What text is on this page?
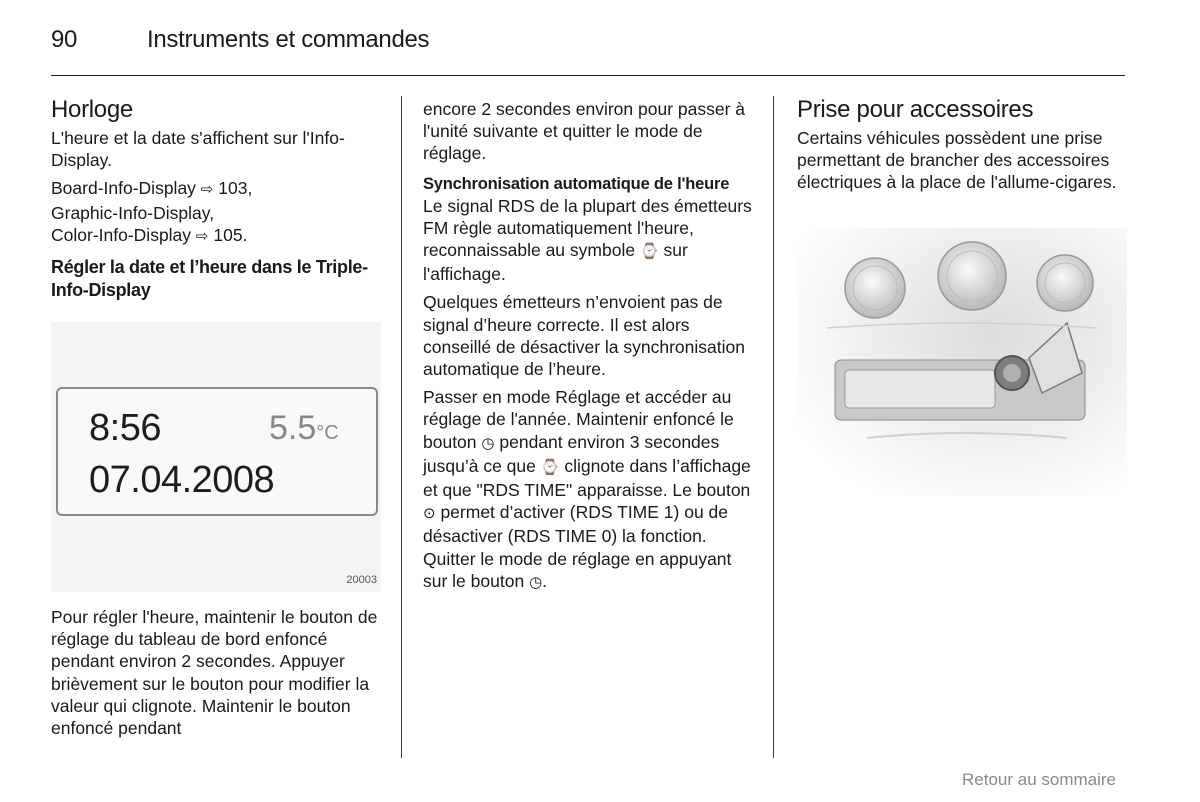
90	Instruments et commandes
Horloge

L'heure et la date s'affichent sur l'Info-Display.

Board-Info-Display ⇨ 103,
Graphic-Info-Display,
Color-Info-Display ⇨ 105.

Régler la date et l’heure dans le Triple-Info-Display
8:56	5.5°C
07.04.2008
20003

Pour régler l'heure, maintenir le bouton de réglage du tableau de bord enfoncé pendant environ 2 secondes. Appuyer brièvement sur le bouton pour modifier la valeur qui clignote. Maintenir le bouton enfoncé pendant

encore 2 secondes environ pour passer à l'unité suivante et quitter le mode de réglage.

Synchronisation automatique de l'heure

Le signal RDS de la plupart des émetteurs FM règle automatiquement l'heure, reconnaissable au symbole ⌚ sur l'affichage.

Quelques émetteurs n’envoient pas de signal d’heure correcte. Il est alors conseillé de désactiver la synchronisation automatique de l’heure.

Passer en mode Réglage et accéder au réglage de l'année. Maintenir enfoncé le bouton ◷ pendant environ 3 secondes jusqu’à ce que ⌚ clignote dans l’affichage et que "RDS TIME" apparaisse. Le bouton ⊙ permet d’activer (RDS TIME 1) ou de désactiver (RDS TIME 0) la fonction. Quitter le mode de réglage en appuyant sur le bouton ◷.

Prise pour accessoires

Certains véhicules possèdent une prise permettant de brancher des accessoires électriques à la place de l'allume-cigares.

Retour au sommaire
